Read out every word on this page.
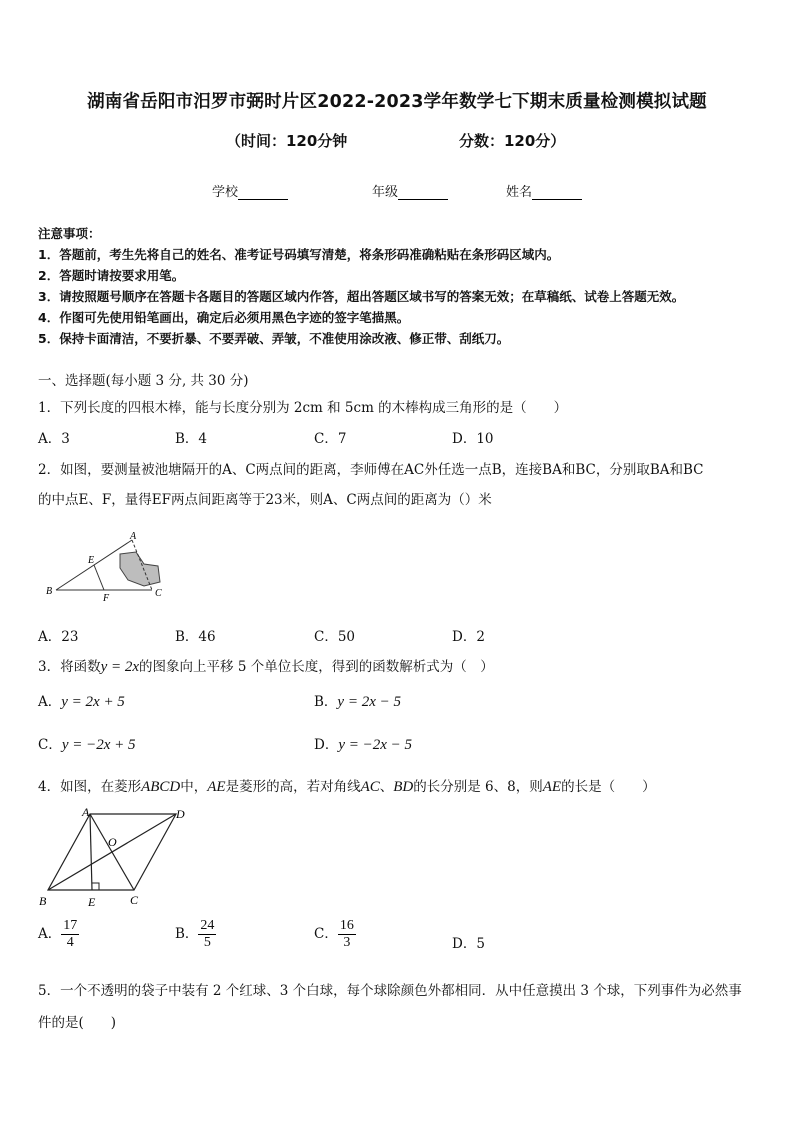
湖南省岳阳市汨罗市弼时片区2022-2023学年数学七下期末质量检测模拟试题
（时间：120分钟	分数：120分）
学校	年级	姓名
注意事项：
1．答题前，考生先将自己的姓名、准考证号码填写清楚，将条形码准确粘贴在条形码区域内。
2．答题时请按要求用笔。
3．请按照题号顺序在答题卡各题目的答题区域内作答，超出答题区域书写的答案无效；在草稿纸、试卷上答题无效。
4．作图可先使用铅笔画出，确定后必须用黑色字迹的签字笔描黑。
5．保持卡面清洁，不要折暴、不要弄破、弄皱，不准使用涂改液、修正带、刮纸刀。
一、选择题(每小题 3 分, 共 30 分)
1．下列长度的四根木棒，能与长度分别为 2cm 和 5cm 的木棒构成三角形的是（　　）
A．3	B．4	C．7	D．10
2．如图，要测量被池塘隔开的A、C两点间的距离，李师傅在AC外任选一点B，连接BA和BC，分别取BA和BC
的中点E、F，量得EF两点间距离等于23米，则A、C两点间的距离为（）米
A
B	C
E
F
A．23	B．46	C．50	D．2
3．将函数y = 2x的图象向上平移 5 个单位长度，得到的函数解析式为（　）
A．y = 2x + 5	B．y = 2x − 5
C．y = −2x + 5	D．y = −2x − 5
4．如图，在菱形ABCD中，AE是菱形的高，若对角线AC、BD的长分别是 6、8，则AE的长是（　　）
A	D
O
B	E	C
A． $\frac{17}{4}$	B． $\frac{24}{5}$	C． $\frac{16}{3}$	D．5
5．一个不透明的袋子中装有 2 个红球、3 个白球，每个球除颜色外都相同．从中任意摸出 3 个球，下列事件为必然事
件的是(　　)
